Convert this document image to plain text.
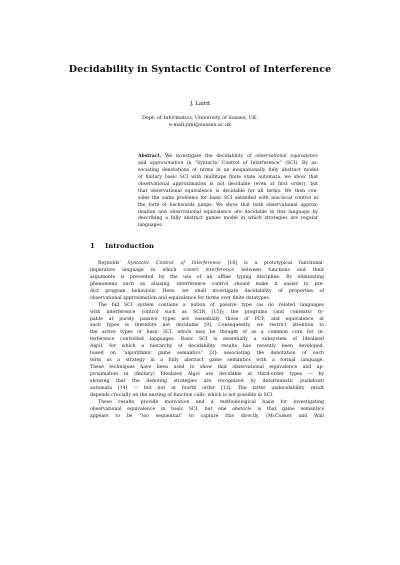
Decidability in Syntactic Control of Interference
J. Laird
Dept. of Informatics, University of Sussex, UK.
e-mail:jiml@sussex.ac.uk
Abstract. We investigate the decidability of observational equivalence
and approximation in “Syntactic Control of Interference” (SCI). By as-
sociating denotations of terms in an inequationally fully abstract model
of finitary basic SCI with multitape finite state automata, we show that
observational approximation is not decidable (even at first order), but
that observational equivalence is decidable for all terms. We then con-
sider the same problems for basic SCI extended with non-local control in
the form of backwards jumps. We show that both observational approx-
imation and observational equivalence are decidable in this language by
describing a fully abstract games model in which strategies are regular
languages.
1 Introduction
Reynolds’ Syntactic Control of Interference [18] is a prototypical functional-
imperative language in which covert interference between functions and their
arguments is prevented by the use of an affine typing discipline. By eliminating
phenomena such as aliasing, interference control should make it easier to pre-
dict program behaviour. Here, we shall investigate decidability of properties of
observational approximation and equivalence for terms over finite datatypes.
The full SCI system contains a notion of passive type (as do related languages
with interference control such as SCIR [15]); the programs (and contexts) ty-
pable at purely passive types are essentially those of PCF, and equivalence at
such types is therefore not decidable [9]. Consequently, we restrict attention to
the active types or basic SCI, which may be thought of as a common core for in-
terference controlled languages. Basic SCI is essentially a subsystem of Idealized
Algol, for which a hierarchy of decidability results has recently been developed,
based on “algorithmic game semantics” [3]: associating the denotation of each
term as a strategy in a fully abstract game semantics with a formal language.
These techniques have been used to show that observational equivalence and ap-
proximation in (finitary) Idealized Algol are decidable at third-order types — by
showing that the denoting strategies are recognized by deterministic pushdown
automata [14] — but not at fourth order [13]. The latter undecidability result
depends crucially on the nesting of function calls, which is not possible in SCI.
These results provide motivation and a methodological basis for investigating
observational equivalence in basic SCI, but one obstacle is that game semantics
appears to be “too sequential” to capture this directly. (McCusker and Wall
